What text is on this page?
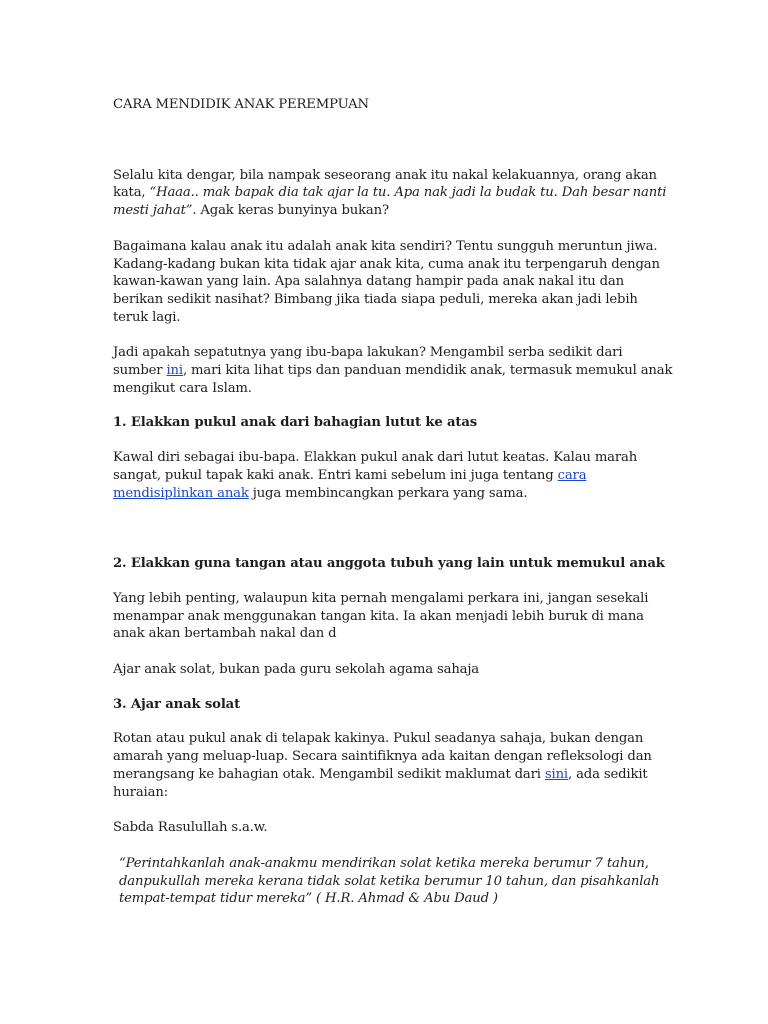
CARA MENDIDIK ANAK PEREMPUAN

Selalu kita dengar, bila nampak seseorang anak itu nakal kelakuannya, orang akan kata, “Haaa.. mak bapak dia tak ajar la tu. Apa nak jadi la budak tu. Dah besar nanti mesti jahat”. Agak keras bunyinya bukan?

Bagaimana kalau anak itu adalah anak kita sendiri? Tentu sungguh meruntun jiwa. Kadang-kadang bukan kita tidak ajar anak kita, cuma anak itu terpengaruh dengan kawan-kawan yang lain. Apa salahnya datang hampir pada anak nakal itu dan berikan sedikit nasihat? Bimbang jika tiada siapa peduli, mereka akan jadi lebih teruk lagi.

Jadi apakah sepatutnya yang ibu-bapa lakukan? Mengambil serba sedikit dari sumber ini, mari kita lihat tips dan panduan mendidik anak, termasuk memukul anak mengikut cara Islam.

1. Elakkan pukul anak dari bahagian lutut ke atas

Kawal diri sebagai ibu-bapa. Elakkan pukul anak dari lutut keatas. Kalau marah sangat, pukul tapak kaki anak. Entri kami sebelum ini juga tentang cara mendisiplinkan anak juga membincangkan perkara yang sama.

2. Elakkan guna tangan atau anggota tubuh yang lain untuk memukul anak

Yang lebih penting, walaupun kita pernah mengalami perkara ini, jangan sesekali menampar anak menggunakan tangan kita. Ia akan menjadi lebih buruk di mana anak akan bertambah nakal dan d

Ajar anak solat, bukan pada guru sekolah agama sahaja

3. Ajar anak solat

Rotan atau pukul anak di telapak kakinya. Pukul seadanya sahaja, bukan dengan amarah yang meluap-luap. Secara saintifiknya ada kaitan dengan refleksologi dan merangsang ke bahagian otak. Mengambil sedikit maklumat dari sini, ada sedikit huraian:

Sabda Rasulullah s.a.w.

“Perintahkanlah anak-anakmu mendirikan solat ketika mereka berumur 7 tahun, danpukullah mereka kerana tidak solat ketika berumur 10 tahun, dan pisahkanlah tempat-tempat tidur mereka” ( H.R. Ahmad & Abu Daud )
